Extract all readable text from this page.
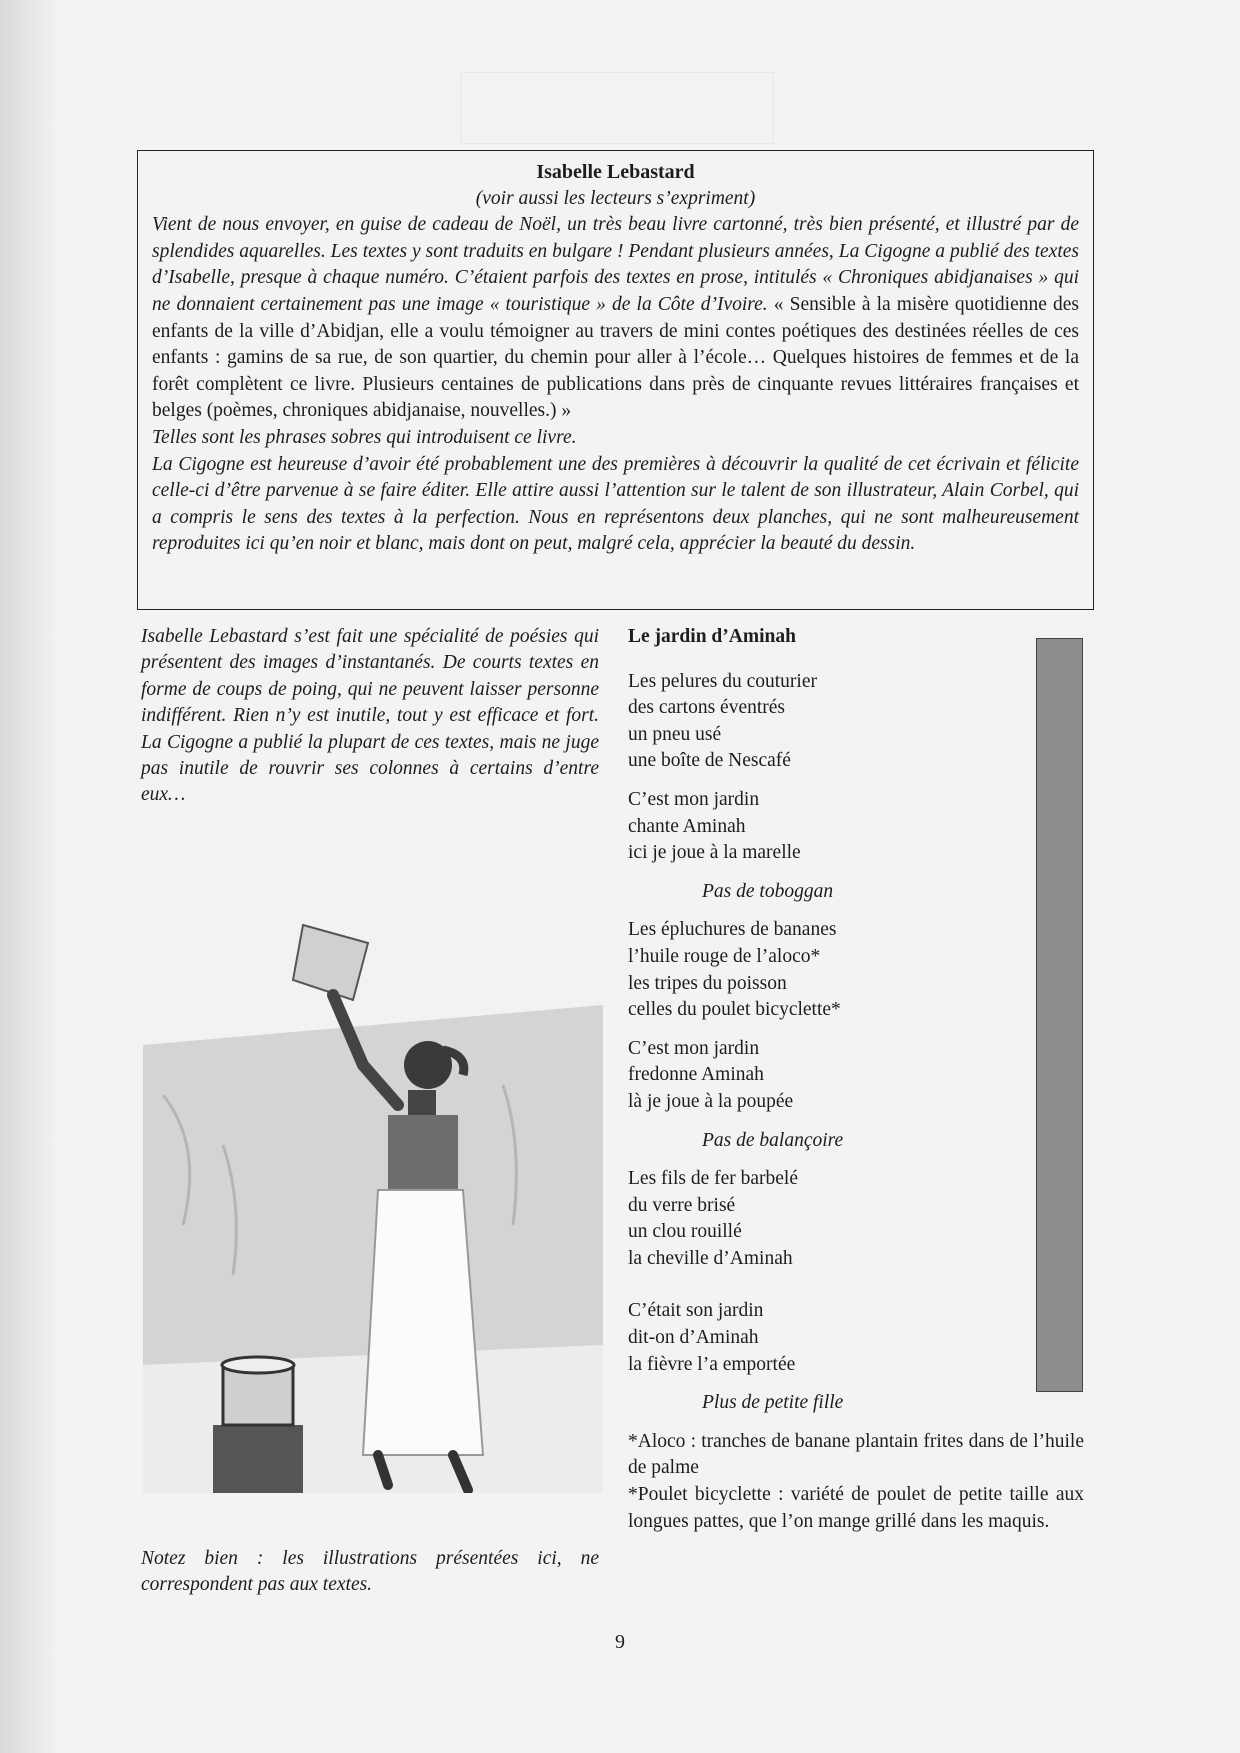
Isabelle Lebastard
(voir aussi les lecteurs s’expriment)

Vient de nous envoyer, en guise de cadeau de Noël, un très beau livre cartonné, très bien présenté, et illustré par de splendides aquarelles. Les textes y sont traduits en bulgare ! Pendant plusieurs années, La Cigogne a publié des textes d’Isabelle, presque à chaque numéro. C’étaient parfois des textes en prose, intitulés « Chroniques abidjanaises » qui ne donnaient certainement pas une image « touristique » de la Côte d’Ivoire. « Sensible à la misère quotidienne des enfants de la ville d’Abidjan, elle a voulu témoigner au travers de mini contes poétiques des destinées réelles de ces enfants : gamins de sa rue, de son quartier, du chemin pour aller à l’école… Quelques histoires de femmes et de la forêt complètent ce livre. Plusieurs centaines de publications dans près de cinquante revues littéraires françaises et belges (poèmes, chroniques abidjanaise, nouvelles.) »

Telles sont les phrases sobres qui introduisent ce livre.

La Cigogne est heureuse d’avoir été probablement une des premières à découvrir la qualité de cet écrivain et félicite celle-ci d’être parvenue à se faire éditer. Elle attire aussi l’attention sur le talent de son illustrateur, Alain Corbel, qui a compris le sens des textes à la perfection. Nous en représentons deux planches, qui ne sont malheureusement reproduites ici qu’en noir et blanc, mais dont on peut, malgré cela, apprécier la beauté du dessin.

Isabelle Lebastard s’est fait une spécialité de poésies qui présentent des images d’instantanés. De courts textes en forme de coups de poing, qui ne peuvent laisser personne indifférent. Rien n’y est inutile, tout y est efficace et fort. La Cigogne a publié la plupart de ces textes, mais ne juge pas inutile de rouvrir ses colonnes à certains d’entre eux…
Notez bien : les illustrations présentées ici, ne correspondent pas aux textes.
Le jardin d’Aminah
Les pelures du couturier
des cartons éventrés
un pneu usé
une boîte de Nescafé
C’est mon jardin
chante Aminah
ici je joue à la marelle
Pas de toboggan
Les épluchures de bananes
l’huile rouge de l’aloco*
les tripes du poisson
celles du poulet bicyclette*
C’est mon jardin
fredonne Aminah
là je joue à la poupée
Pas de balançoire
Les fils de fer barbelé
du verre brisé
un clou rouillé
la cheville d’Aminah
C’était son jardin
dit-on d’Aminah
la fièvre l’a emportée
Plus de petite fille

*Aloco : tranches de banane plantain frites dans de l’huile de palme

*Poulet bicyclette : variété de poulet de petite taille aux longues pattes, que l’on mange grillé dans les maquis.

9
